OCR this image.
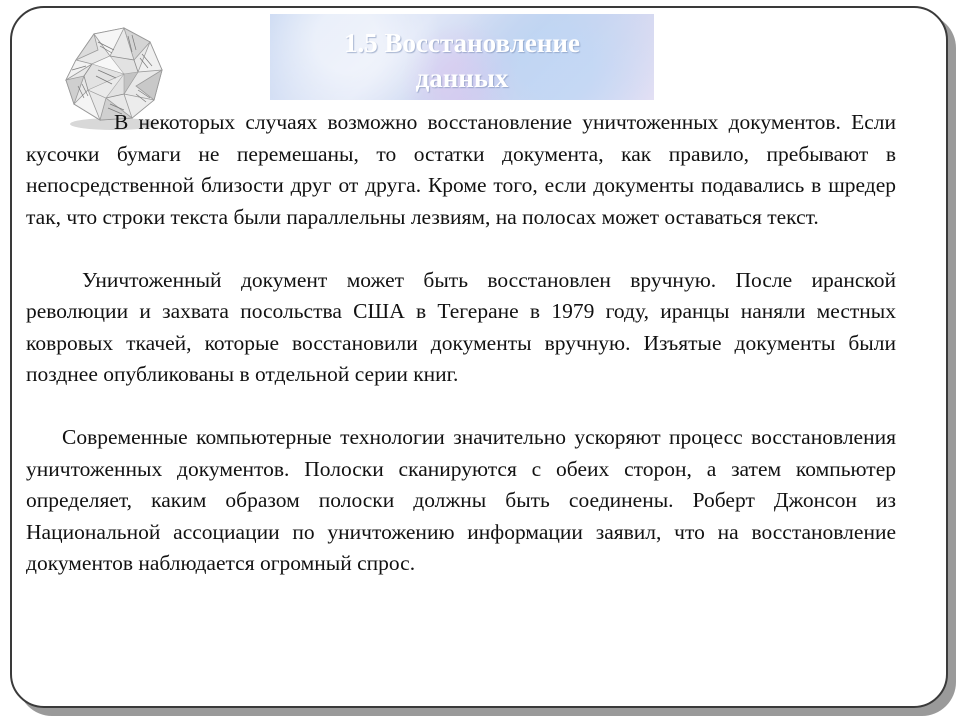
1.5 Восстановление
данных

В некоторых случаях возможно восстановление уничтоженных документов. Если кусочки бумаги не перемешаны, то остатки документа, как правило, пребывают в непосредственной близости друг от друга. Кроме того, если документы подавались в шредер так, что строки текста были параллельны лезвиям, на полосах может оставаться текст.

Уничтоженный документ может быть восстановлен вручную. После иранской революции и захвата посольства США в Тегеране в 1979 году, иранцы наняли местных ковровых ткачей, которые восстановили документы вручную. Изъятые документы были позднее опубликованы в отдельной серии книг.

Современные компьютерные технологии значительно ускоряют процесс восстановления уничтоженных документов. Полоски сканируются с обеих сторон, а затем компьютер определяет, каким образом полоски должны быть соединены. Роберт Джонсон из Национальной ассоциации по уничтожению информации заявил, что на восстановление документов наблюдается огромный спрос.
